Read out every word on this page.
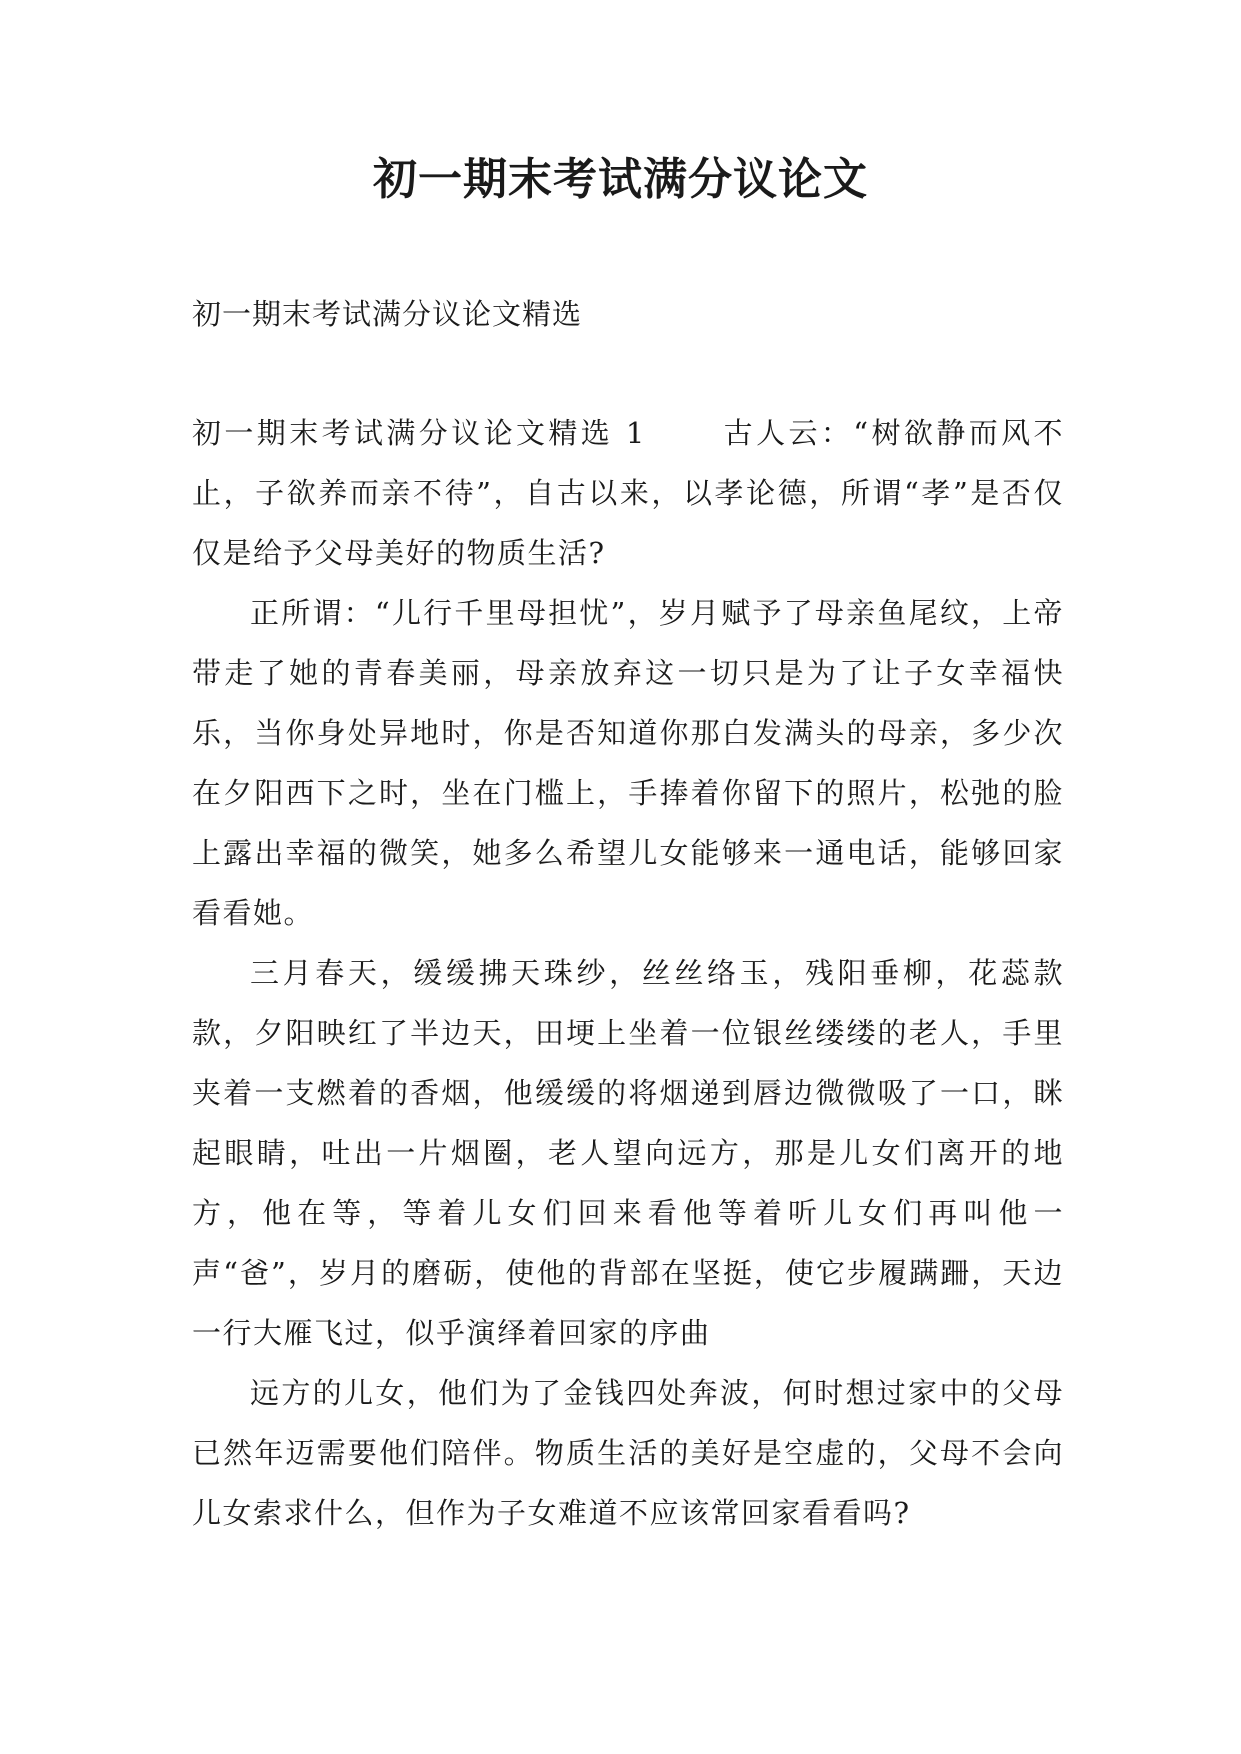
初一期末考试满分议论文

初一期末考试满分议论文精选

初一期末考试满分议论文精选 1	古人云：“树欲静而风不止，子欲养而亲不待”，自古以来，以孝论德，所谓“孝”是否仅仅是给予父母美好的物质生活?

正所谓：“儿行千里母担忧”，岁月赋予了母亲鱼尾纹，上帝带走了她的青春美丽，母亲放弃这一切只是为了让子女幸福快乐，当你身处异地时，你是否知道你那白发满头的母亲，多少次在夕阳西下之时，坐在门槛上，手捧着你留下的照片，松弛的脸上露出幸福的微笑，她多么希望儿女能够来一通电话，能够回家看看她。

三月春天，缓缓拂天珠纱，丝丝络玉，残阳垂柳，花蕊款款，夕阳映红了半边天，田埂上坐着一位银丝缕缕的老人，手里夹着一支燃着的香烟，他缓缓的将烟递到唇边微微吸了一口，眯起眼睛，吐出一片烟圈，老人望向远方，那是儿女们离开的地方，他在等，等着儿女们回来看他等着听儿女们再叫他一声“爸”，岁月的磨砺，使他的背部在坚挺，使它步履蹒跚，天边一行大雁飞过，似乎演绎着回家的序曲

远方的儿女，他们为了金钱四处奔波，何时想过家中的父母已然年迈需要他们陪伴。物质生活的美好是空虚的，父母不会向儿女索求什么，但作为子女难道不应该常回家看看吗?
